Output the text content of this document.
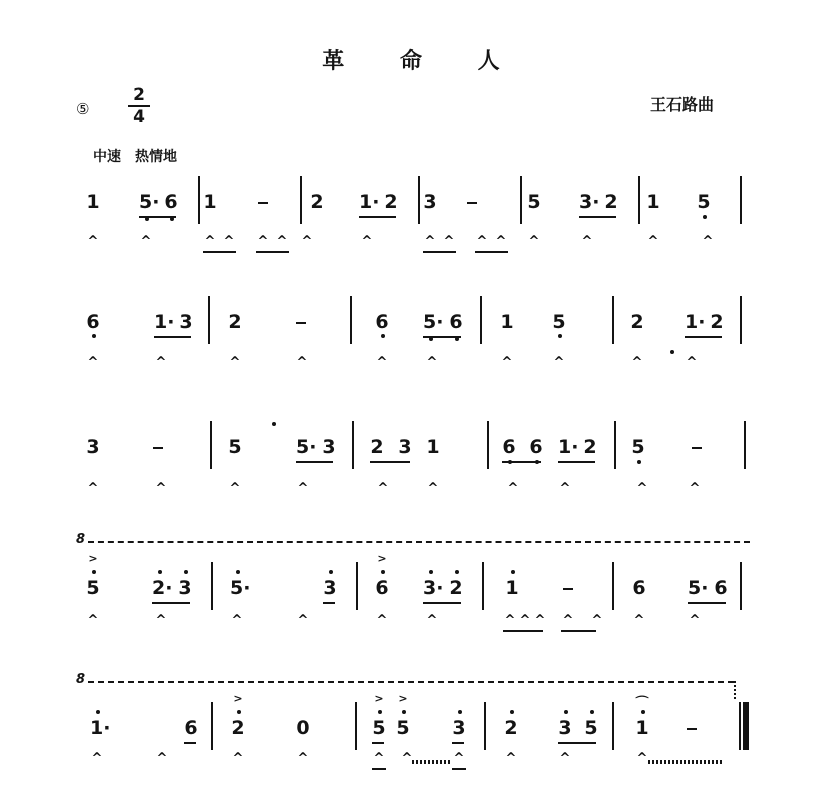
革	命	人
王石路曲
⑤
2
4
中速　热情地
1 5· 6 1	2 1· 2 3	5 3· 2 1 5
^	^	^ ^ ^ ^ ^	^	^ ^ ^ ^ ^	^	^	^
6	1· 3 2	6 5· 6 1 5	2 1· 2
^	^	^	^	^	^	^	^	^	^
3	5	5· 3 2 3 1	6 6 1· 2 5
^	^	^	^	^	^	^	^	^	^
5	2· 3 5·	3 6 3· 2 1	6 5· 6
>	>
^	^	^	^	^	^	^ ^ ^ ^ ^ ^	^
1·	6 2	0	5 5 3 2 3 5 1
>	> >
^	^	^	^	^ ^	^	^	^	^
8
8
⌒
